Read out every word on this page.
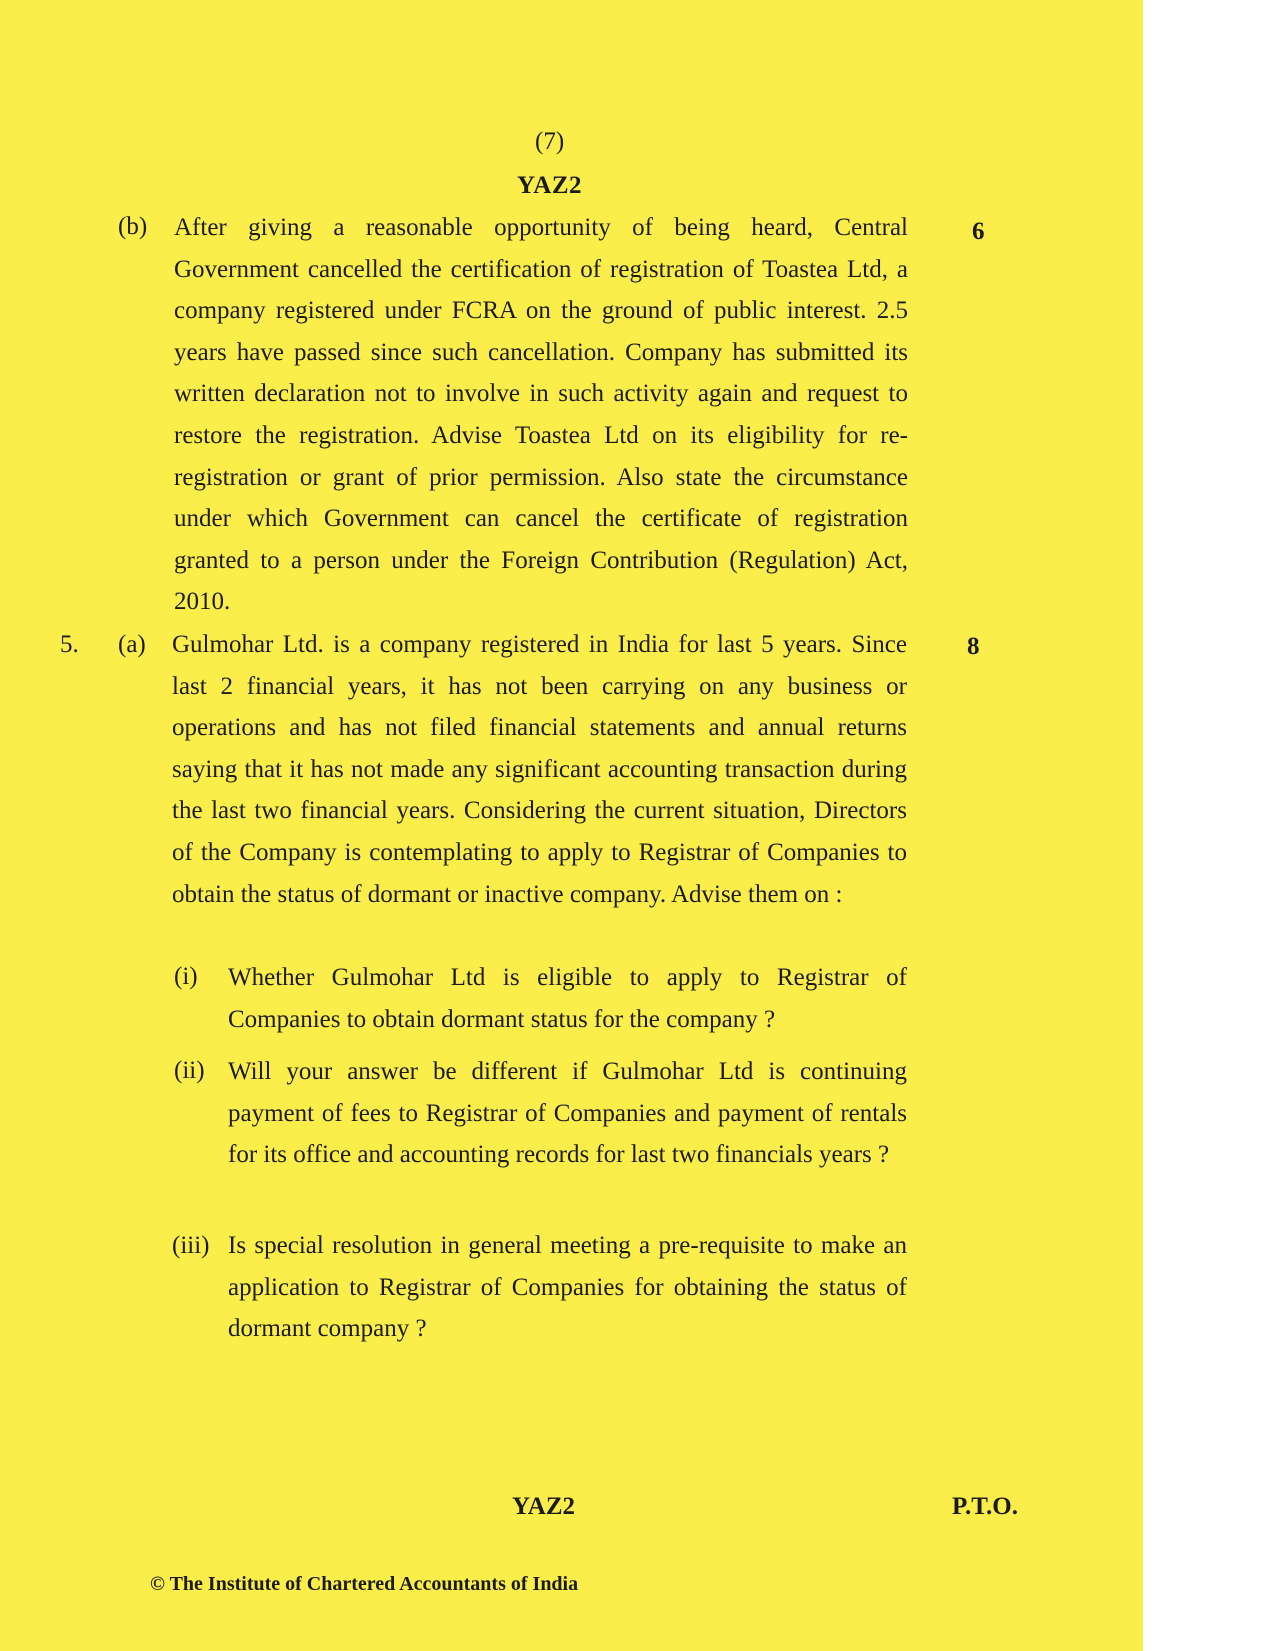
(7)
YAZ2
(b) After giving a reasonable opportunity of being heard, Central Government cancelled the certification of registration of Toastea Ltd, a company registered under FCRA on the ground of public interest. 2.5 years have passed since such cancellation. Company has submitted its written declaration not to involve in such activity again and request to restore the registration. Advise Toastea Ltd on its eligibility for re-registration or grant of prior permission. Also state the circumstance under which Government can cancel the certificate of registration granted to a person under the Foreign Contribution (Regulation) Act, 2010.

6
5. (a) Gulmohar Ltd. is a company registered in India for last 5 years. Since last 2 financial years, it has not been carrying on any business or operations and has not filed financial statements and annual returns saying that it has not made any significant accounting transaction during the last two financial years. Considering the current situation, Directors of the Company is contemplating to apply to Registrar of Companies to obtain the status of dormant or inactive company. Advise them on :

8
(i) Whether Gulmohar Ltd is eligible to apply to Registrar of Companies to obtain dormant status for the company ?

(ii) Will your answer be different if Gulmohar Ltd is continuing payment of fees to Registrar of Companies and payment of rentals for its office and accounting records for last two financials years ?

(iii) Is special resolution in general meeting a pre-requisite to make an application to Registrar of Companies for obtaining the status of dormant company ?

YAZ2	P.T.O.
© The Institute of Chartered Accountants of India
